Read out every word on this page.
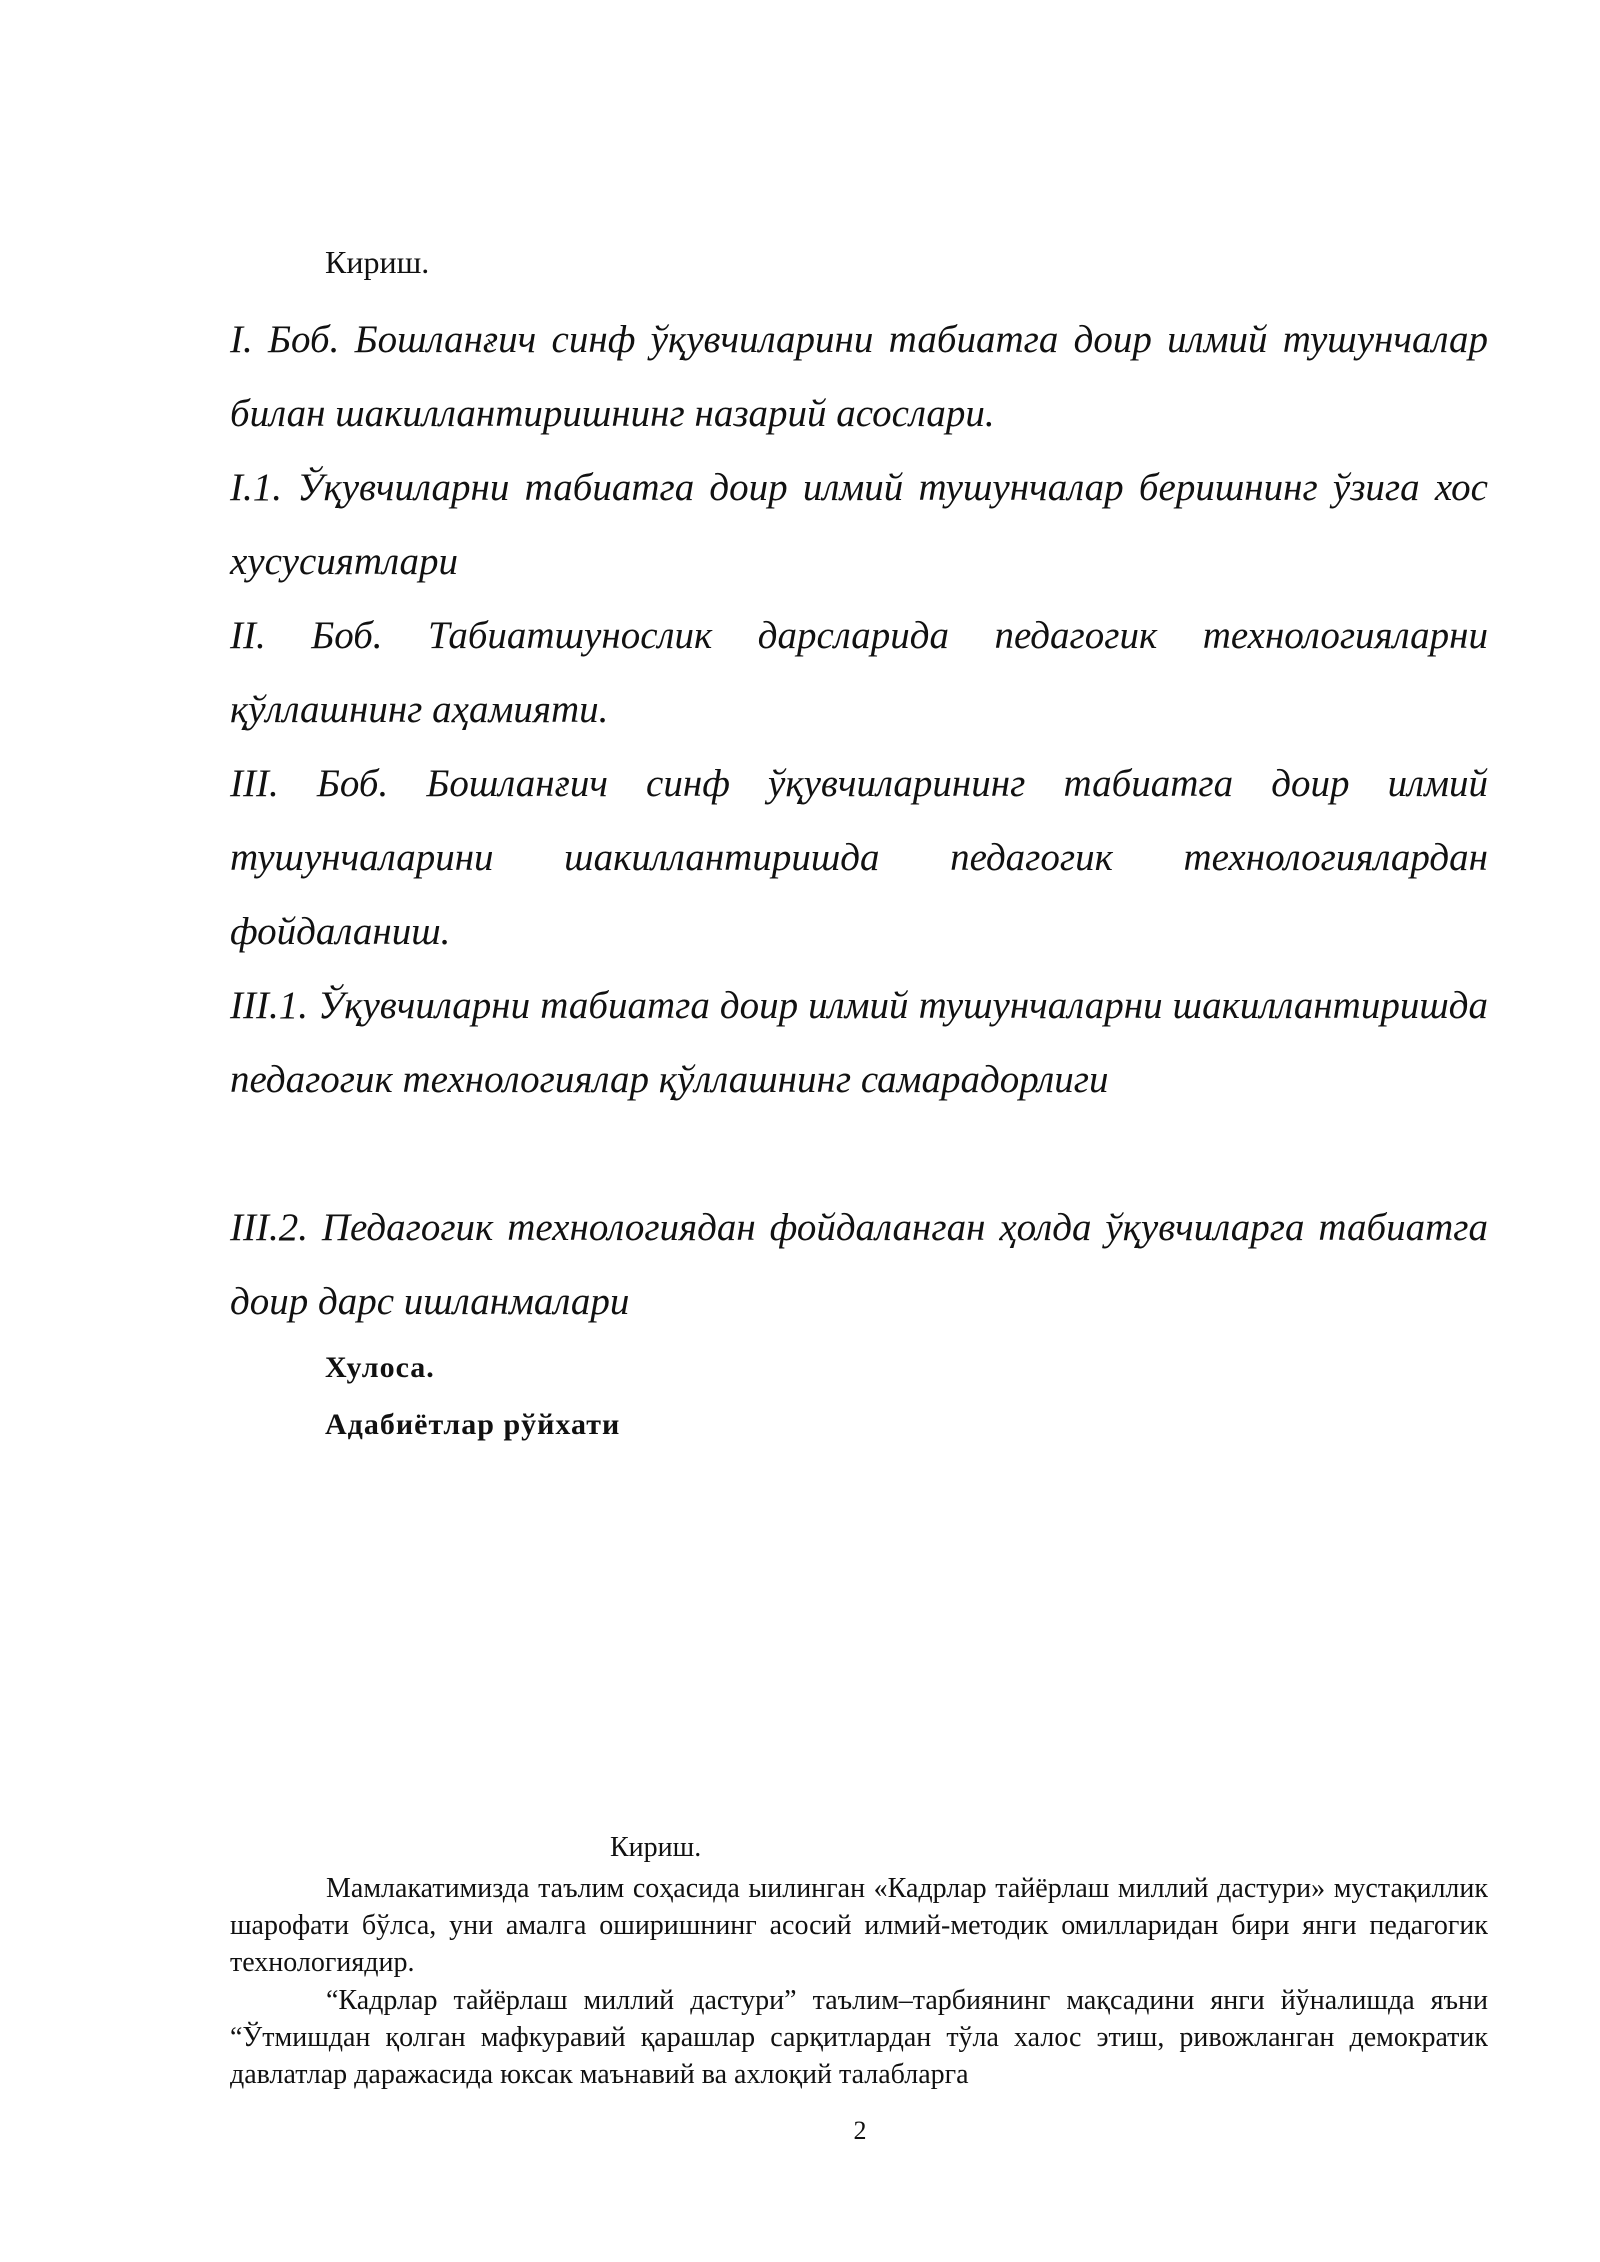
Кириш.
I. Боб. Бошланғич синф ўқувчиларини табиатга доир илмий тушунчалар билан шакиллантиришнинг назарий асослари.
I.1. Ўқувчиларни табиатга доир илмий тушунчалар беришнинг ўзига хос хусусиятлари
II. Боб. Табиатшунослик дарсларида педагогик технологияларни қўллашнинг аҳамияти.
III. Боб. Бошланғич синф ўқувчиларининг табиатга доир илмий тушунчаларини шакиллантиришда педагогик технологиялардан фойдаланиш.
III.1. Ўқувчиларни табиатга доир илмий тушунчаларни шакиллантиришда педагогик технологиялар қўллашнинг самарадорлиги
III.2. Педагогик технологиядан фойдаланган ҳолда ўқувчиларга табиатга доир дарс ишланмалари
Хулоса.
Адабиётлар рўйхати
Кириш.
Мамлакатимизда таълим соҳасида ыилинган «Кадрлар тайёрлаш миллий дастури» мустақиллик шарофати бўлса, уни амалга оширишнинг асосий илмий-методик омилларидан бири янги педагогик технологиядир.
“Кадрлар тайёрлаш миллий дастури” таълим–тарбиянинг мақсадини янги йўналишда яъни “Ўтмишдан қолган мафкуравий қарашлар сарқитлардан тўла халос этиш, ривожланган демократик давлатлар даражасида юксак маънавий ва ахлоқий талабларга
2
